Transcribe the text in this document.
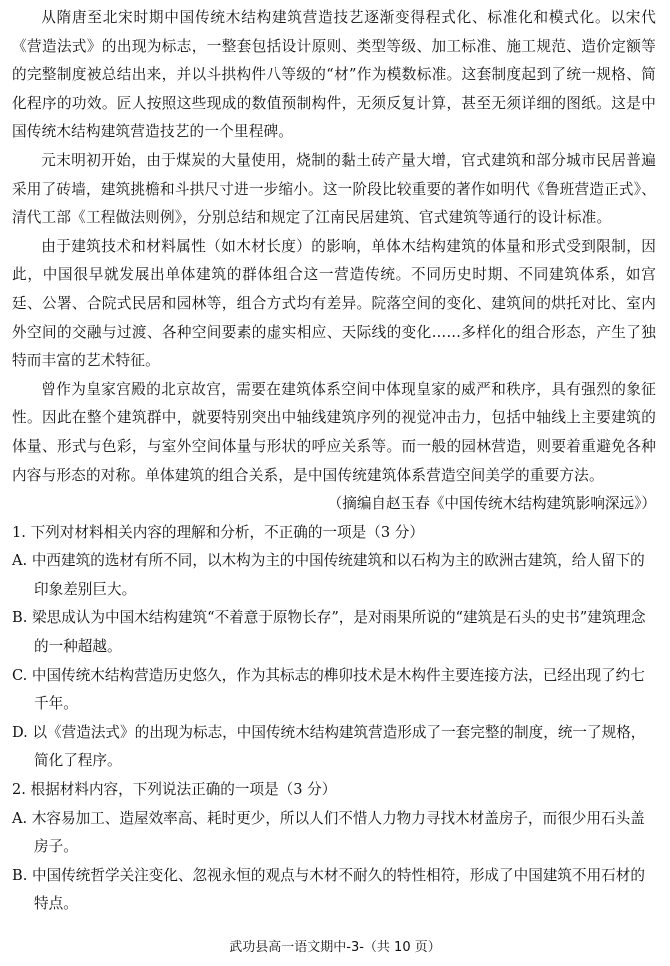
从隋唐至北宋时期中国传统木结构建筑营造技艺逐渐变得程式化、标准化和模式化。以宋代《营造法式》的出现为标志，一整套包括设计原则、类型等级、加工标准、施工规范、造价定额等的完整制度被总结出来，并以斗拱构件八等级的“材”作为模数标准。这套制度起到了统一规格、简化程序的功效。匠人按照这些现成的数值预制构件，无须反复计算，甚至无须详细的图纸。这是中国传统木结构建筑营造技艺的一个里程碑。

元末明初开始，由于煤炭的大量使用，烧制的黏土砖产量大增，官式建筑和部分城市民居普遍采用了砖墙，建筑挑檐和斗拱尺寸进一步缩小。这一阶段比较重要的著作如明代《鲁班营造正式》、清代工部《工程做法则例》，分别总结和规定了江南民居建筑、官式建筑等通行的设计标准。

由于建筑技术和材料属性（如木材长度）的影响，单体木结构建筑的体量和形式受到限制，因此，中国很早就发展出单体建筑的群体组合这一营造传统。不同历史时期、不同建筑体系，如宫廷、公署、合院式民居和园林等，组合方式均有差异。院落空间的变化、建筑间的烘托对比、室内外空间的交融与过渡、各种空间要素的虚实相应、天际线的变化……多样化的组合形态，产生了独特而丰富的艺术特征。

曾作为皇家宫殿的北京故宫，需要在建筑体系空间中体现皇家的威严和秩序，具有强烈的象征性。因此在整个建筑群中，就要特别突出中轴线建筑序列的视觉冲击力，包括中轴线上主要建筑的体量、形式与色彩，与室外空间体量与形状的呼应关系等。而一般的园林营造，则要着重避免各种内容与形态的对称。单体建筑的组合关系，是中国传统建筑体系营造空间美学的重要方法。

（摘编自赵玉春《中国传统木结构建筑影响深远》）

1. 下列对材料相关内容的理解和分析，不正确的一项是（3 分）

A. 中西建筑的选材有所不同，以木构为主的中国传统建筑和以石构为主的欧洲古建筑，给人留下的印象差别巨大。

B. 梁思成认为中国木结构建筑“不着意于原物长存”，是对雨果所说的“建筑是石头的史书”建筑理念的一种超越。

C. 中国传统木结构营造历史悠久，作为其标志的榫卯技术是木构件主要连接方法，已经出现了约七千年。

D. 以《营造法式》的出现为标志，中国传统木结构建筑营造形成了一套完整的制度，统一了规格，简化了程序。

2. 根据材料内容，下列说法正确的一项是（3 分）

A. 木容易加工、造屋效率高、耗时更少，所以人们不惜人力物力寻找木材盖房子，而很少用石头盖房子。

B. 中国传统哲学关注变化、忽视永恒的观点与木材不耐久的特性相符，形成了中国建筑不用石材的特点。

武功县高一语文期中-3-（共 10 页）
